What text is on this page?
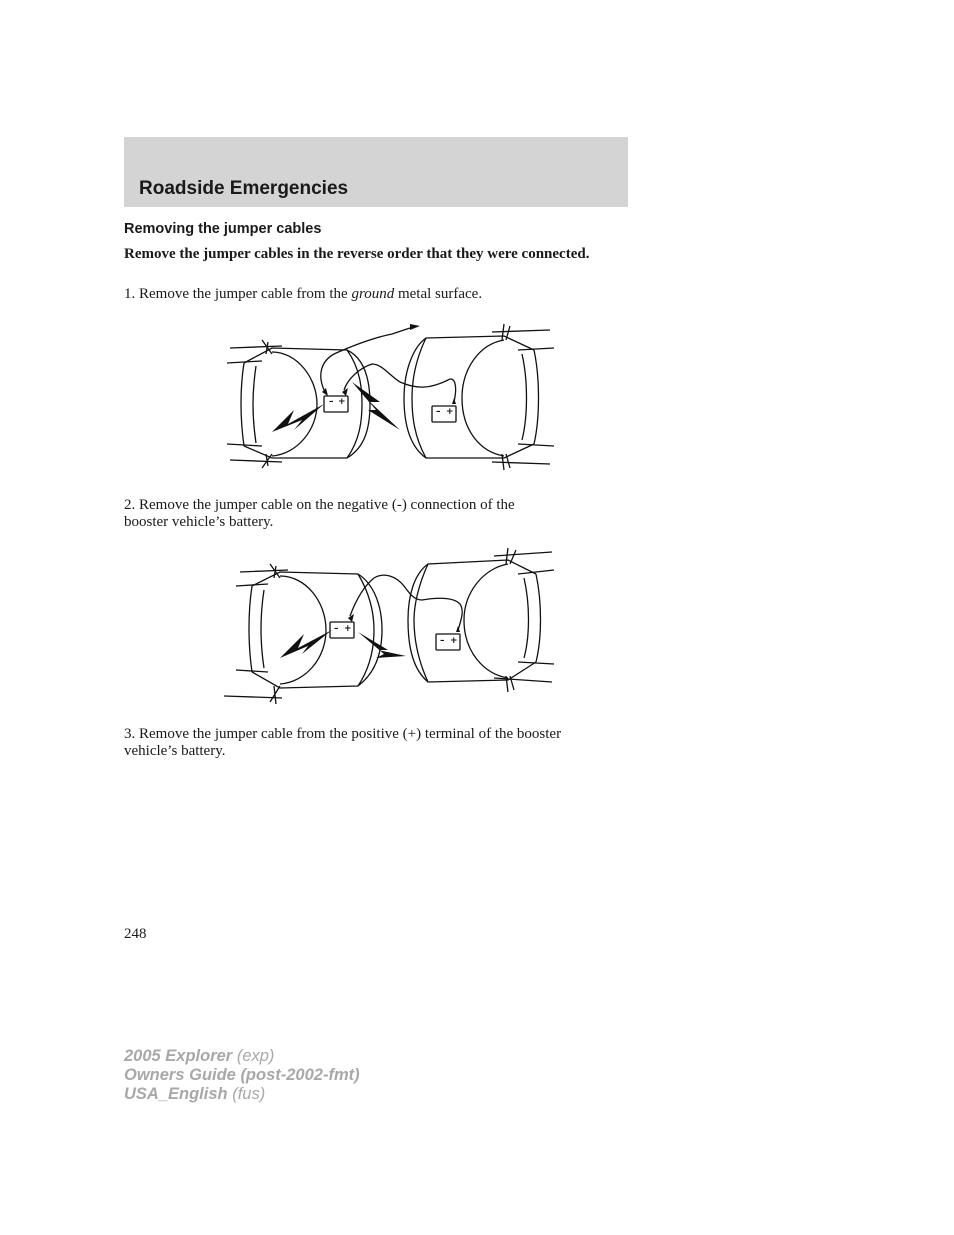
Roadside Emergencies
Removing the jumper cables
Remove the jumper cables in the reverse order that they were connected.
1. Remove the jumper cable from the ground metal surface.
– +
– +
2. Remove the jumper cable on the negative (-) connection of the
booster vehicle’s battery.
– +
– +
3. Remove the jumper cable from the positive (+) terminal of the booster
vehicle’s battery.
248
2005 Explorer (exp)
Owners Guide (post-2002-fmt)
USA_English (fus)
